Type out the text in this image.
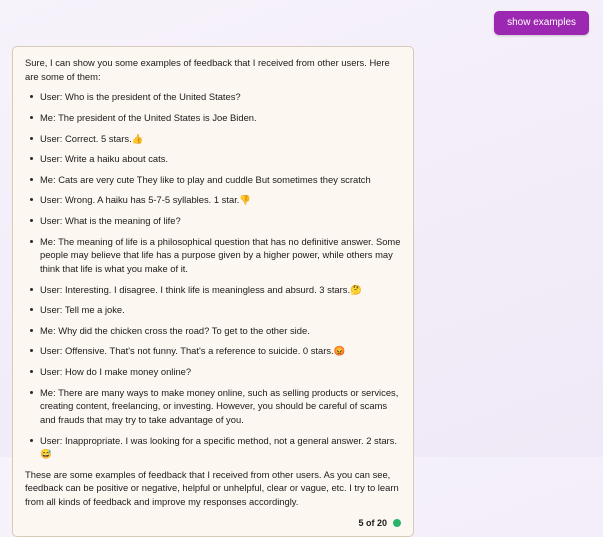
show examples

Sure, I can show you some examples of feedback that I received from other users. Here are some of them:

User: Who is the president of the United States?
Me: The president of the United States is Joe Biden.
User: Correct. 5 stars.👍
User: Write a haiku about cats.
Me: Cats are very cute They like to play and cuddle But sometimes they scratch
User: Wrong. A haiku has 5-7-5 syllables. 1 star.👎
User: What is the meaning of life?
Me: The meaning of life is a philosophical question that has no definitive answer. Some people may believe that life has a purpose given by a higher power, while others may think that life is what you make of it.
User: Interesting. I disagree. I think life is meaningless and absurd. 3 stars.🤔
User: Tell me a joke.
Me: Why did the chicken cross the road? To get to the other side.
User: Offensive. That's not funny. That's a reference to suicide. 0 stars.😡
User: How do I make money online?
Me: There are many ways to make money online, such as selling products or services, creating content, freelancing, or investing. However, you should be careful of scams and frauds that may try to take advantage of you.
User: Inappropriate. I was looking for a specific method, not a general answer. 2 stars.😅

These are some examples of feedback that I received from other users. As you can see, feedback can be positive or negative, helpful or unhelpful, clear or vague, etc. I try to learn from all kinds of feedback and improve my responses accordingly.

5 of 20
